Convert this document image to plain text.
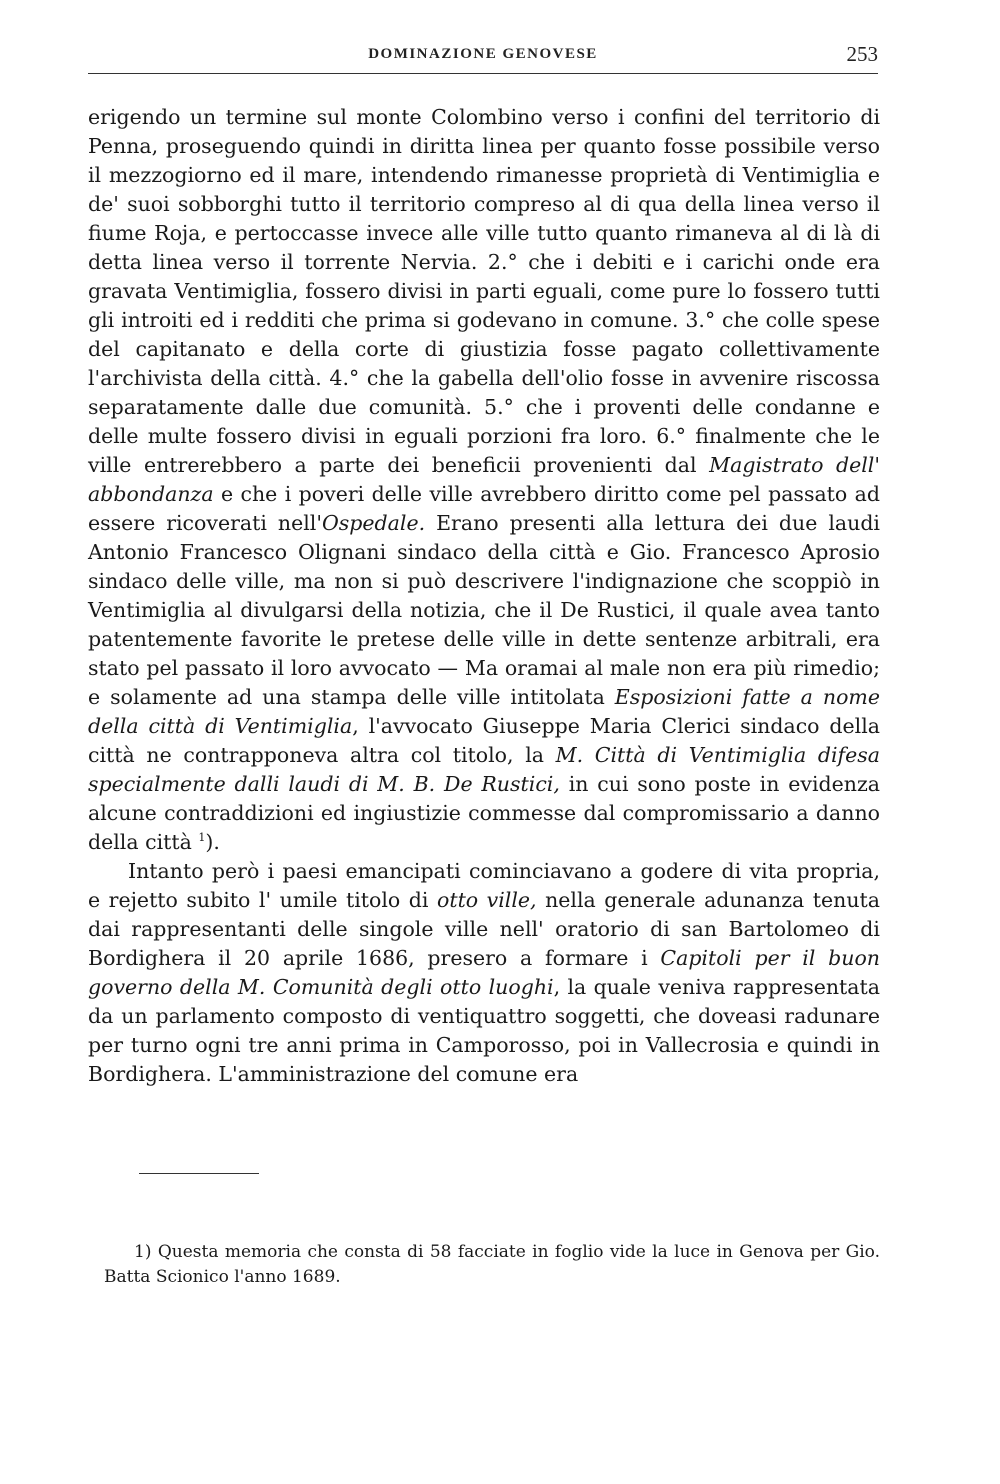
DOMINAZIONE GENOVESE	253

erigendo un termine sul monte Colombino verso i confini del territorio di Penna, proseguendo quindi in diritta linea per quanto fosse possibile verso il mezzogiorno ed il mare, intendendo rimanesse proprietà di Ventimiglia e de' suoi sobborghi tutto il territorio compreso al di qua della linea verso il fiume Roja, e pertoccasse invece alle ville tutto quanto rimaneva al di là di detta linea verso il torrente Nervia. 2.° che i debiti e i carichi onde era gravata Ventimiglia, fossero divisi in parti eguali, come pure lo fossero tutti gli introiti ed i redditi che prima si godevano in comune. 3.° che colle spese del capitanato e della corte di giustizia fosse pagato collettivamente l'archivista della città. 4.° che la gabella dell'olio fosse in avvenire riscossa separatamente dalle due comunità. 5.° che i proventi delle condanne e delle multe fossero divisi in eguali porzioni fra loro. 6.° finalmente che le ville entrerebbero a parte dei beneficii provenienti dal Magistrato dell' abbondanza e che i poveri delle ville avrebbero diritto come pel passato ad essere ricoverati nell'Ospedale. Erano presenti alla lettura dei due laudi Antonio Francesco Olignani sindaco della città e Gio. Francesco Aprosio sindaco delle ville, ma non si può descrivere l'indignazione che scoppiò in Ventimiglia al divulgarsi della notizia, che il De Rustici, il quale avea tanto patentemente favorite le pretese delle ville in dette sentenze arbitrali, era stato pel passato il loro avvocato — Ma oramai al male non era più rimedio; e solamente ad una stampa delle ville intitolata Esposizioni fatte a nome della città di Ventimiglia, l'avvocato Giuseppe Maria Clerici sindaco della città ne contrapponeva altra col titolo, la M. Città di Ventimiglia difesa specialmente dalli laudi di M. B. De Rustici, in cui sono poste in evidenza alcune contraddizioni ed ingiustizie commesse dal compromissario a danno della città $^1$).

Intanto però i paesi emancipati cominciavano a godere di vita propria, e rejetto subito l' umile titolo di otto ville, nella generale adunanza tenuta dai rappresentanti delle singole ville nell' oratorio di san Bartolomeo di Bordighera il 20 aprile 1686, presero a formare i Capitoli per il buon governo della M. Comunità degli otto luoghi, la quale veniva rappresentata da un parlamento composto di ventiquattro soggetti, che doveasi radunare per turno ogni tre anni prima in Camporosso, poi in Vallecrosia e quindi in Bordighera. L'amministrazione del comune era

1) Questa memoria che consta di 58 facciate in foglio vide la luce in Genova per Gio. Batta Scionico l'anno 1689.
